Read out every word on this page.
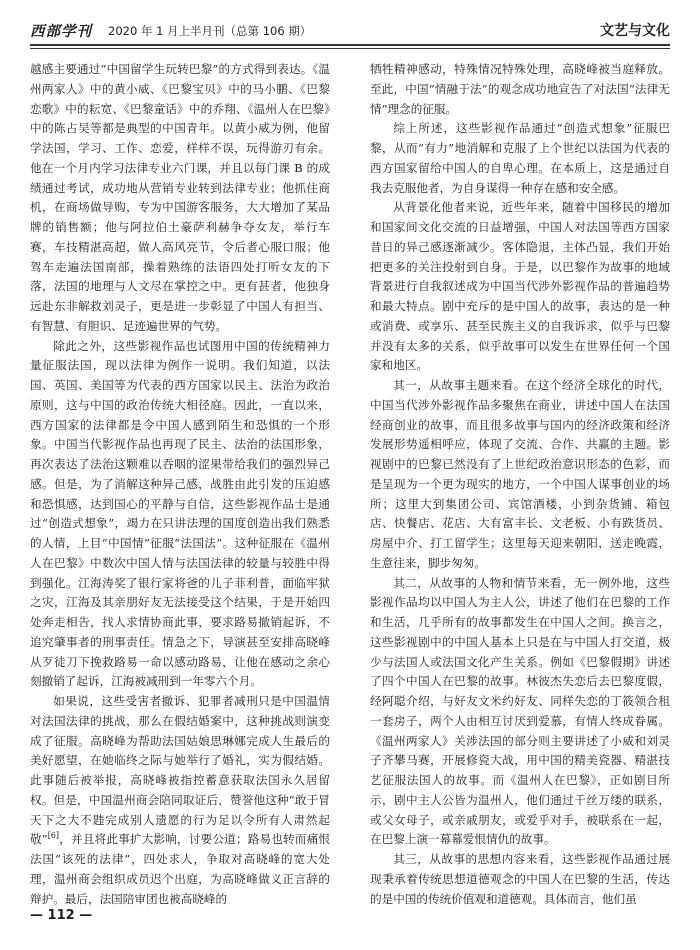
西部学刊 2020 年 1 月上半月刊（总第 106 期）	文艺与文化

越感主要通过“中国留学生玩转巴黎”的方式得到表达。《温州两家人》中的黄小威、《巴黎宝贝》中的马小鹏、《巴黎恋歌》中的耘宽、《巴黎童话》中的乔翔、《温州人在巴黎》中的陈占吴等都是典型的中国青年。以黄小威为例，他留学法国，学习、工作、恋爱，样样不误，玩得游刃有余。他在一个月内学习法律专业六门课，并且以每门课 B 的成绩通过考试，成功地从营销专业转到法律专业；他抓住商机，在商场做导购，专为中国游客服务，大大增加了某品牌的销售额；他与阿拉伯土豪萨利赫争夺女友，举行车赛，车技精湛高超，做人高风亮节，令后者心服口服；他驾车走遍法国南部，操着熟练的法语四处打听女友的下落，法国的地理与人文尽在掌控之中。更有甚者，他独身远赴东非解救刘灵子，更是进一步彰显了中国人有担当、有智慧、有胆识、足迹遍世界的气势。

除此之外，这些影视作品也试图用中国的传统精神力量征服法国，现以法律为例作一说明。我们知道，以法国、英国、美国等为代表的西方国家以民主、法治为政治原则，这与中国的政治传统大相径庭。因此，一直以来，西方国家的法律都是令中国人感到陌生和恐惧的一个形象。中国当代影视作品也再现了民主、法治的法国形象，再次表达了法治这颗难以吞咽的涩果带给我们的强烈异己感。但是，为了消解这种异己感，战胜由此引发的压迫感和恐惧感，达到国心的平静与自信，这些影视作品士是通过“创造式想象”，竭力在只讲法理的国度创造出我们熟悉的人情，上目“中国情”征服“法国法”。这种征服在《温州人在巴黎》中数次中国人情与法国法律的较量与较胜中得到强化。江海涛奖了银行家将爸的儿子菲利普，面临牢狱之灾，江海及其亲朋好友无法接受这个结果，于是开始四处奔走相告，找人求情协商此事，要求路易撤销起诉，不追究肇事者的刑事责任。情急之下，导演甚至安排高晓峰从歹徒刀下挽救路易一命以感动路易，让他在感动之余心刻撤销了起诉，江海被减刑到一年零六个月。

如果说，这些受害者撤诉、犯罪者减刑只是中国温情对法国法律的挑战，那么在假结婚案中，这种挑战则演变成了征服。高晓峰为帮助法国姑娘思琳娜完成人生最后的美好愿望，在她临终之际与她举行了婚礼，实为假结婚。此事随后被举报，高晓峰被指控蓄意获取法国永久居留权。但是，中国温州商会陪同取证后，赞誉他这种“敢于冒天下之大不韪完成别人遗愿的行为足以令所有人肃然起敬”[6]，并且将此事扩大影响，讨要公道；路易也转而痛恨法国“该死的法律”，四处求人，争取对高晓峰的宽大处理，温州商会组织成员迟个出庭，为高晓峰做义正言辞的辩护。最后，法国陪审团也被高晓峰的

牺牲精神感动，特殊情况特殊处理，高晓峰被当庭释放。至此，中国“情融于法”的观念成功地宣告了对法国“法律无情”理念的征服。

综上所述，这些影视作品通过“创造式想象”征服巴黎，从而“有力”地消解和克服了上个世纪以法国为代表的西方国家留给中国人的自卑心理。在本质上，这是通过自我去克服他者，为自身谋得一种存在感和安全感。

从背景化他者来说，近些年来，随着中国移民的增加和国家间文化交流的日益增强，中国人对法国等西方国家昔日的异己感逐渐减少。客体隐退，主体凸显，我们开始把更多的关注投射到自身。于是，以巴黎作为故事的地域背景进行自我叙述成为中国当代涉外影视作品的普遍趋势和最大特点。剧中充斥的是中国人的故事，表达的是一种或消费、或享乐、甚至民族主义的自我诉求，似乎与巴黎并没有太多的关系，似乎故事可以发生在世界任何一个国家和地区。

其一，从故事主题来看。在这个经济全球化的时代，中国当代涉外影视作品多聚焦在商业，讲述中国人在法国经商创业的故事，而且很多故事与国内的经济政策和经济发展形势遥相呼应，体现了交流、合作、共赢的主题。影视剧中的巴黎已然没有了上世纪政治意识形态的色彩，而是呈现为一个更为现实的地方，一个中国人谋事创业的场所；这里大到集团公司、宾馆酒楼，小到杂货铺、箱包店、快餐店、花店、大有富丰长、文老板、小有跌货员、房屋中介、打工留学生；这里每天迎来朝阳，送走晚霞，生意往来，脚步匆匆。

其二，从故事的人物和情节来看，无一例外地，这些影视作品均以中国人为主人公，讲述了他们在巴黎的工作和生活，几乎所有的故事都发生在中国人之间。换言之，这些影视剧中的中国人基本上只是在与中国人打交道，极少与法国人或法国文化产生关系。例如《巴黎假期》讲述了四个中国人在巴黎的故事。林彼杰失恋后去巴黎度假，经阿聪介绍，与好友文米约好友、同样失恋的丁筱领合租一套房子，两个人由相互讨厌到爱慕，有情人终成眷属。《温州两家人》关涉法国的部分则主要讲述了小威和刘灵子齐攀马赛，开展修瓷大战，用中国的精美瓷器、精湛技艺征服法国人的故事。而《温州人在巴黎》，正如剧目所示，剧中主人公皆为温州人，他们通过千丝万缕的联系，或父女母子，或亲戚朋友，或爱乎对手，被联系在一起，在巴黎上演一幕幕爱恨情仇的故事。

其三，从故事的思想内容来看，这些影视作品通过展现秉承着传统思想道德观念的中国人在巴黎的生活，传达的是中国的传统价值观和道德观。具体而言，他们虽

— 112 —
